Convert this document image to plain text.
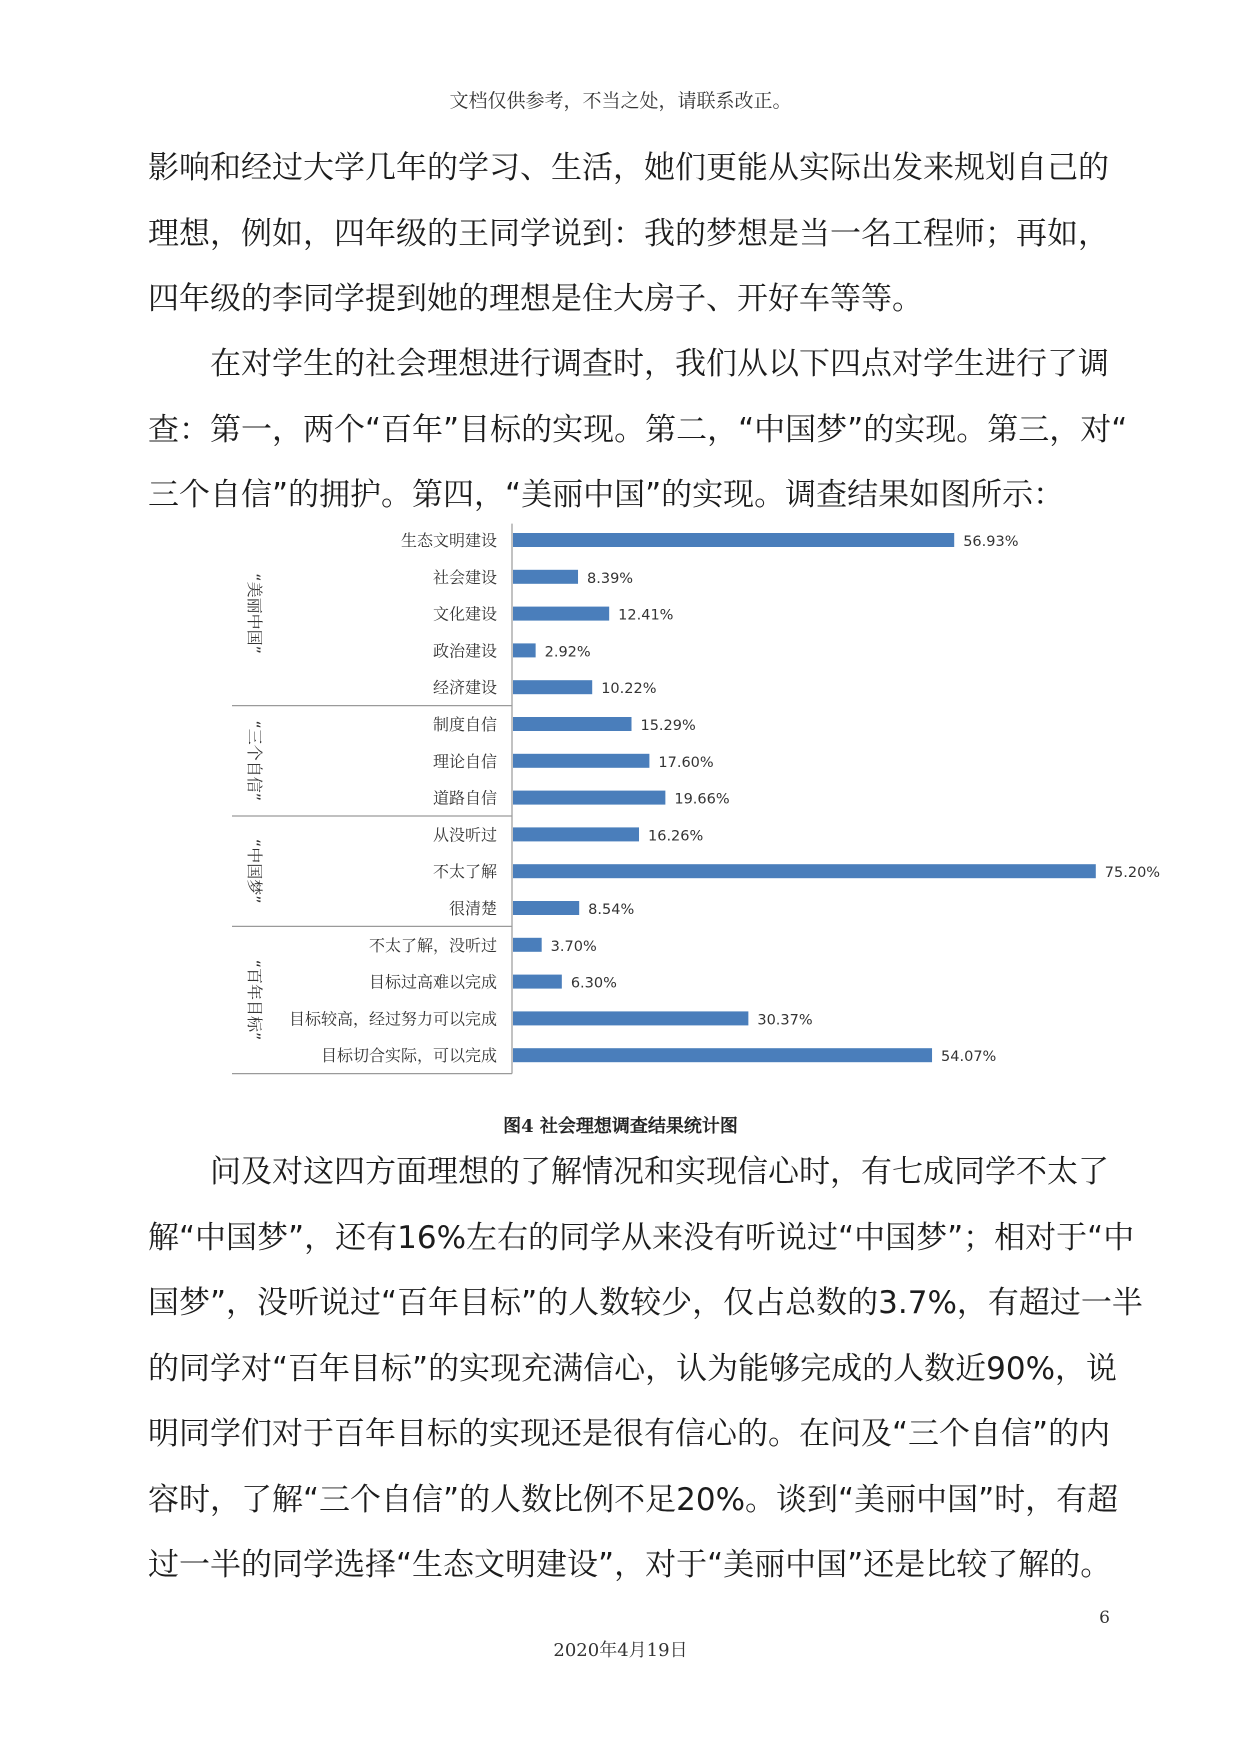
文档仅供参考，不当之处，请联系改正。

影响和经过大学几年的学习、生活，她们更能从实际出发来规划自己的
理想，例如，四年级的王同学说到：我的梦想是当一名工程师；再如，
四年级的李同学提到她的理想是住大房子、开好车等等。

在对学生的社会理想进行调查时，我们从以下四点对学生进行了调
查：第一，两个“百年”目标的实现。第二，“中国梦”的实现。第三，对“
三个自信”的拥护。第四，“美丽中国”的实现。调查结果如图所示：

生态文明建设	56.93%
社会建设	8.39%
文化建设	12.41%
政治建设	2.92%
经济建设	10.22%
“美丽中国”
制度自信	15.29%
理论自信	17.60%
道路自信	19.66%
“三个自信”
从没听过	16.26%
不太了解	75.20%
很清楚	8.54%
“中国梦”
不太了解，没听过	3.70%
目标过高难以完成	6.30%
目标较高，经过努力可以完成	30.37%
目标切合实际，可以完成	54.07%
“百年目标”
图4 社会理想调查结果统计图

问及对这四方面理想的了解情况和实现信心时，有七成同学不太了
解“中国梦”，还有16%左右的同学从来没有听说过“中国梦”；相对于“中
国梦”，没听说过“百年目标”的人数较少，仅占总数的3.7%，有超过一半
的同学对“百年目标”的实现充满信心，认为能够完成的人数近90%，说
明同学们对于百年目标的实现还是很有信心的。在问及“三个自信”的内
容时，了解“三个自信”的人数比例不足20%。谈到“美丽中国”时，有超
过一半的同学选择“生态文明建设”，对于“美丽中国”还是比较了解的。

6
2020年4月19日
